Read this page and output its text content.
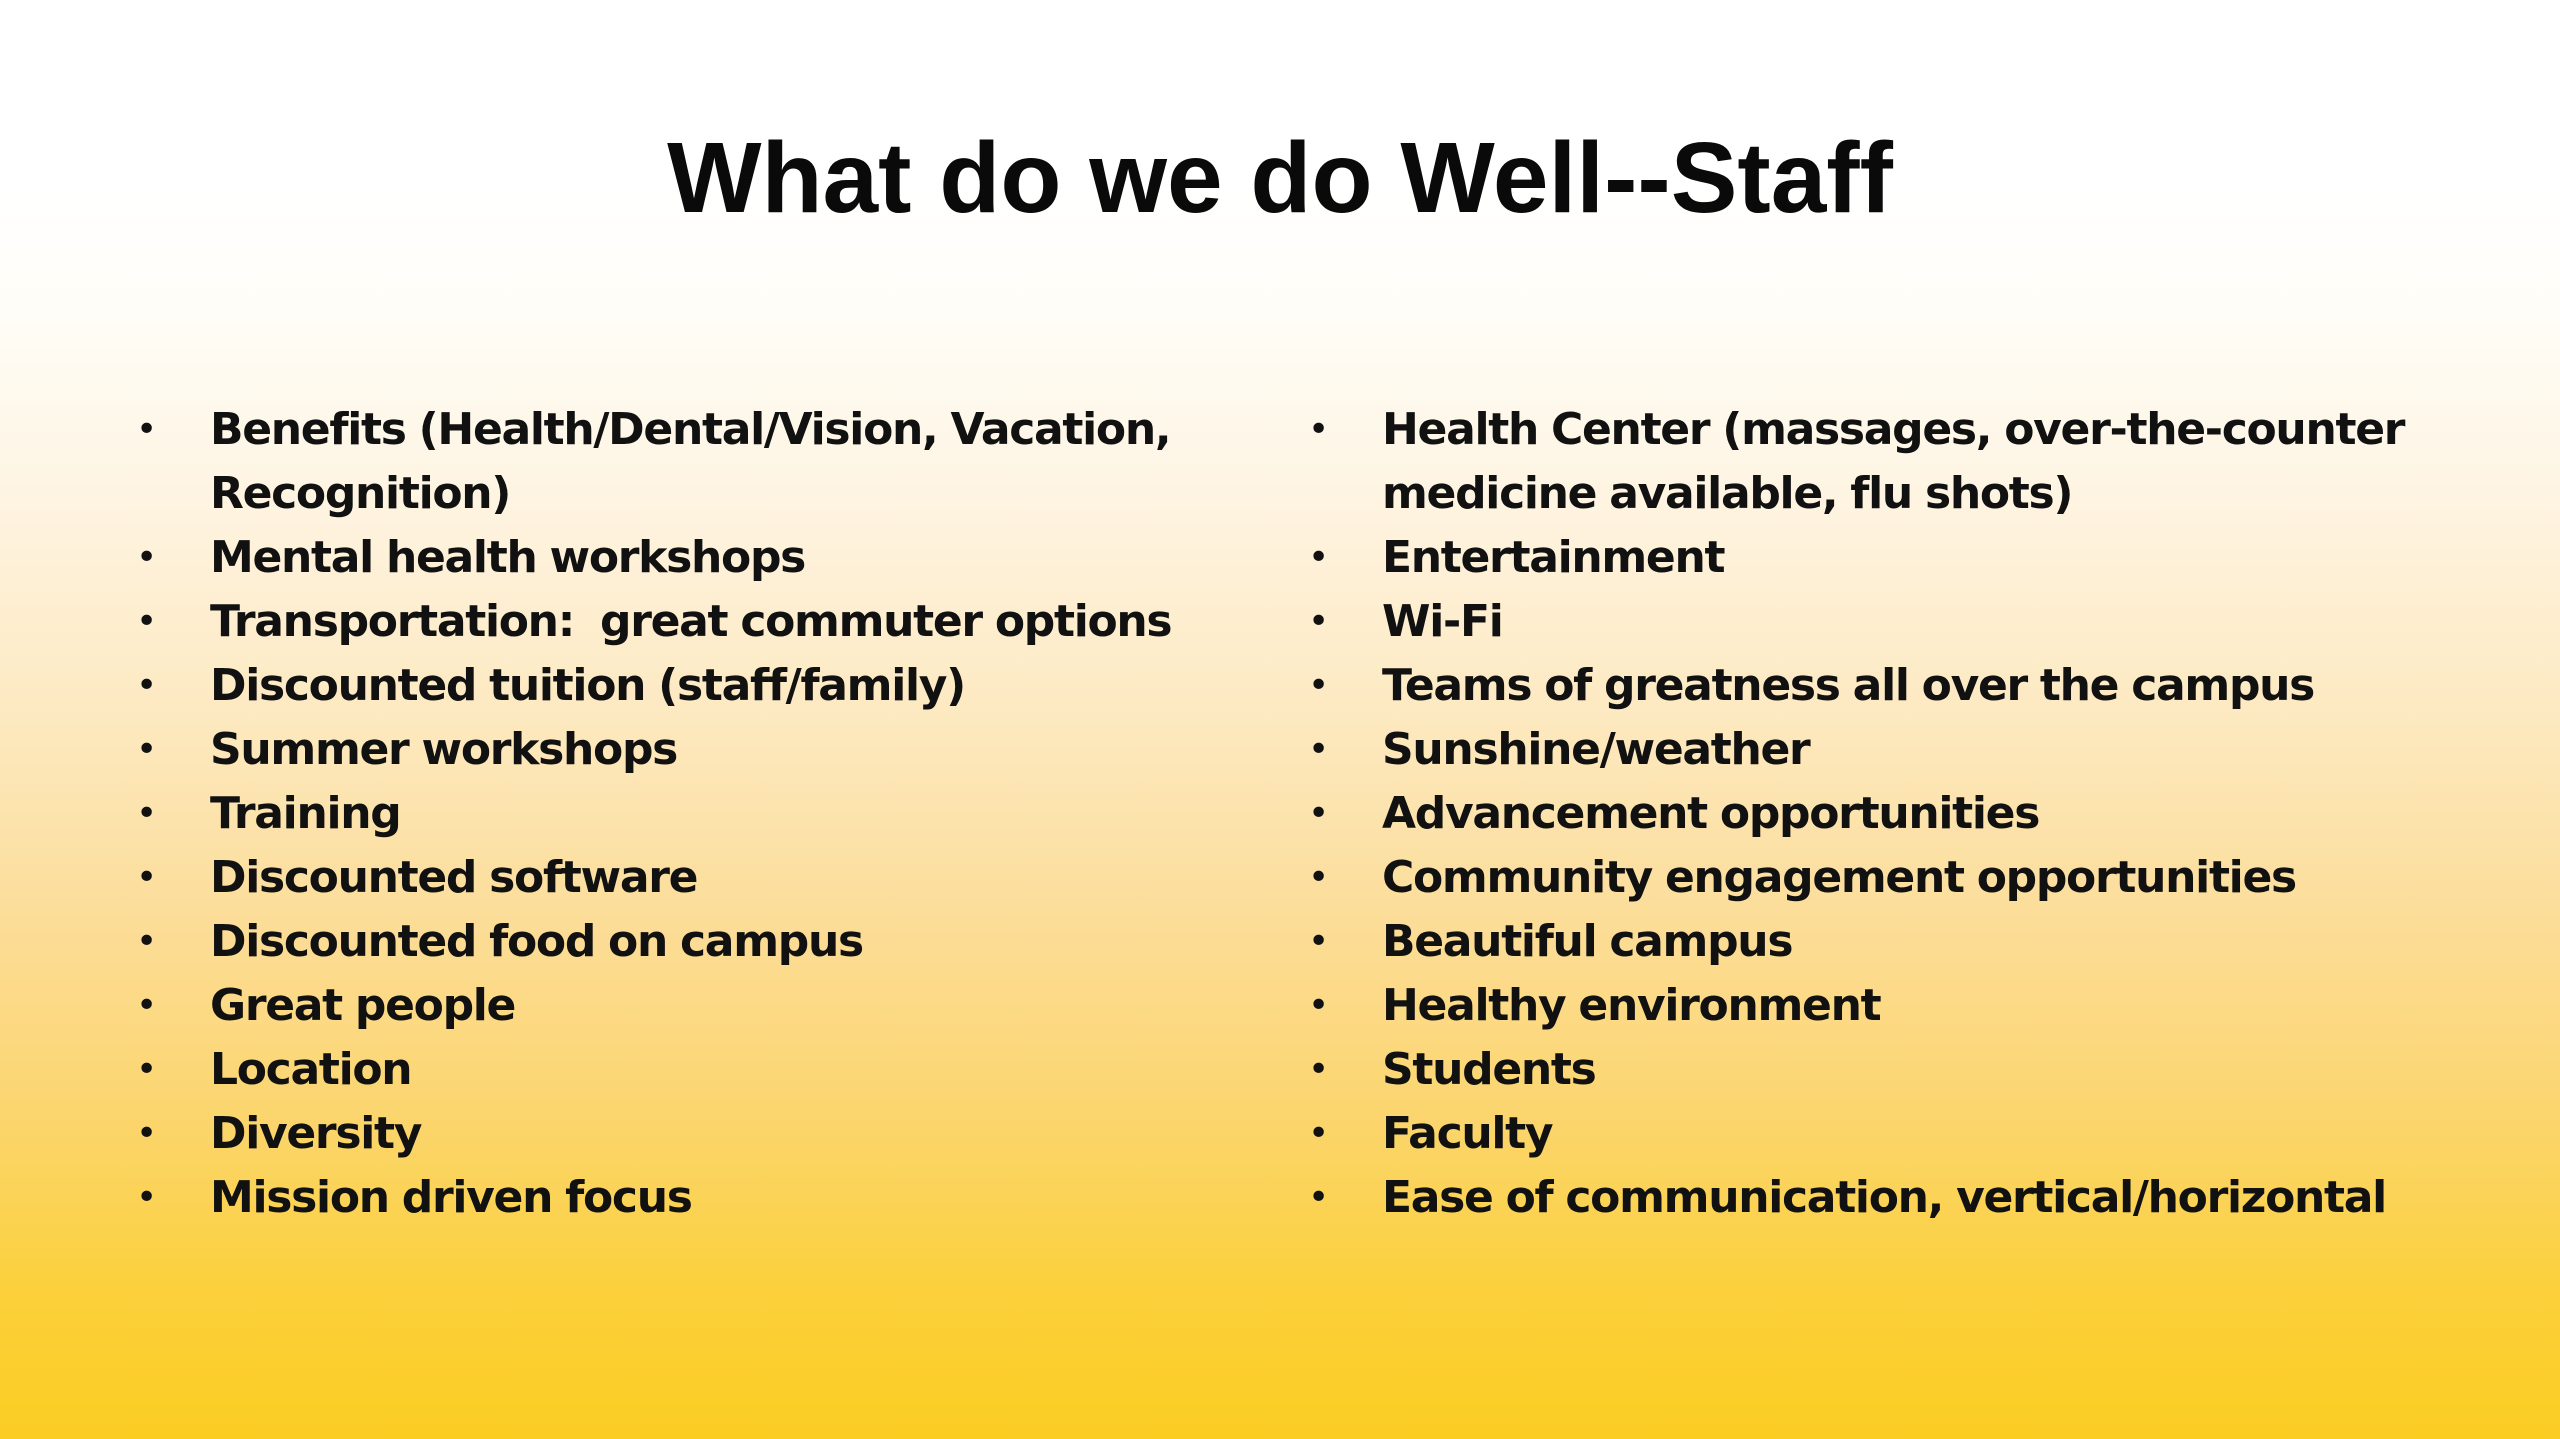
What do we do Well--Staff
• Benefits (Health/Dental/Vision, Vacation, Recognition)
• Mental health workshops
• Transportation:  great commuter options
• Discounted tuition (staff/family)
• Summer workshops
• Training
• Discounted software
• Discounted food on campus
• Great people
• Location
• Diversity
• Mission driven focus
• Health Center (massages, over-the-counter medicine available, flu shots)
• Entertainment
• Wi-Fi
• Teams of greatness all over the campus
• Sunshine/weather
• Advancement opportunities
• Community engagement opportunities
• Beautiful campus
• Healthy environment
• Students
• Faculty
• Ease of communication, vertical/horizontal
